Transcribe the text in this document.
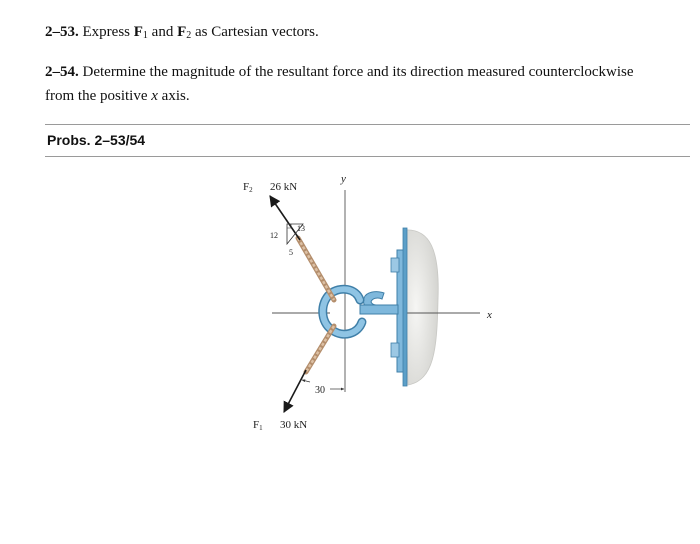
2–53. Express $F_1$ and $F_2$ as Cartesian vectors.
2–54. Determine the magnitude of the resultant force and its direction measured counterclockwise
from the positive x axis.
Probs. 2–53/54
y
x
F2 26 kN
13
12
5
F1 30 kN
30
